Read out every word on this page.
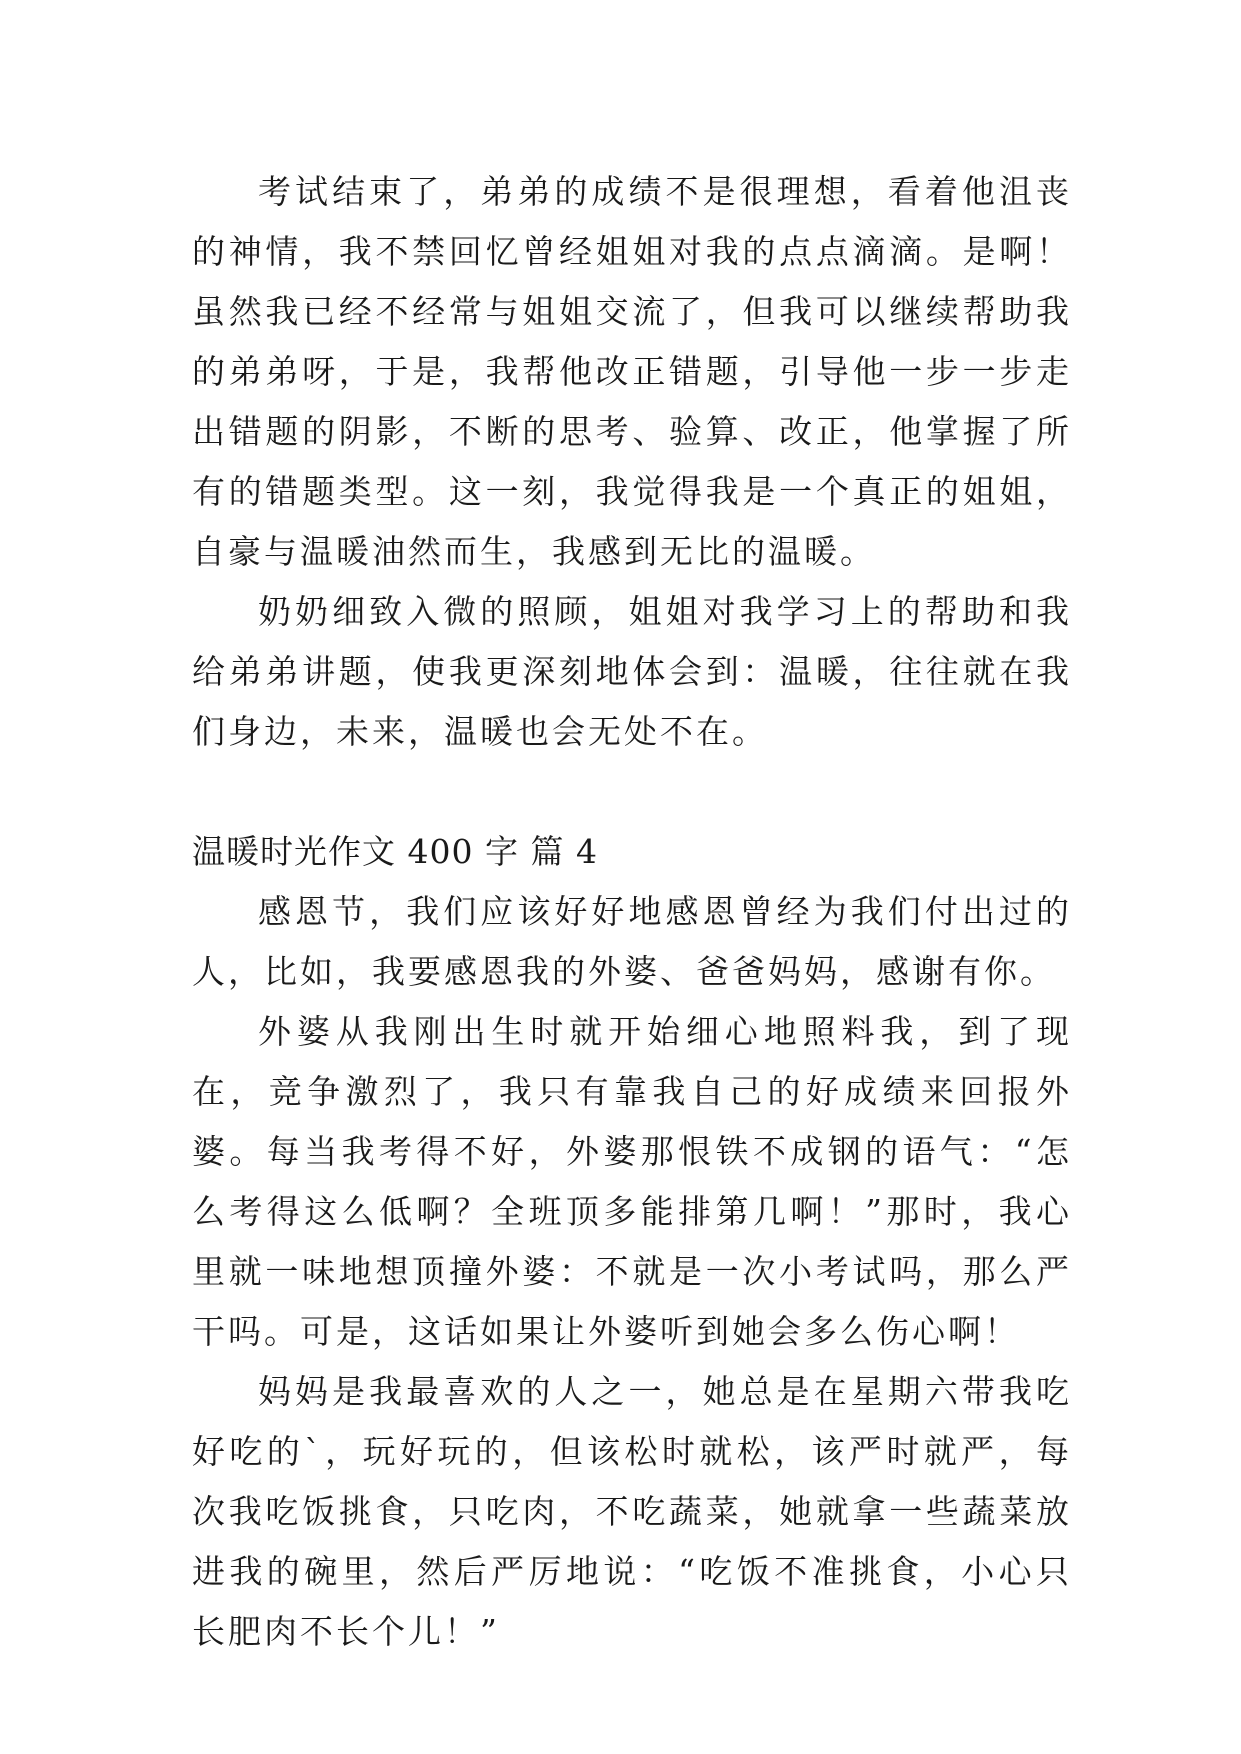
考试结束了，弟弟的成绩不是很理想，看着他沮丧的神情，我不禁回忆曾经姐姐对我的点点滴滴。是啊！虽然我已经不经常与姐姐交流了，但我可以继续帮助我的弟弟呀，于是，我帮他改正错题，引导他一步一步走出错题的阴影，不断的思考、验算、改正，他掌握了所有的错题类型。这一刻，我觉得我是一个真正的姐姐，自豪与温暖油然而生，我感到无比的温暖。

奶奶细致入微的照顾，姐姐对我学习上的帮助和我给弟弟讲题，使我更深刻地体会到：温暖，往往就在我们身边，未来，温暖也会无处不在。

温暖时光作文 400 字 篇 4

感恩节，我们应该好好地感恩曾经为我们付出过的人，比如，我要感恩我的外婆、爸爸妈妈，感谢有你。

外婆从我刚出生时就开始细心地照料我，到了现在，竞争激烈了，我只有靠我自己的好成绩来回报外婆。每当我考得不好，外婆那恨铁不成钢的语气：“怎么考得这么低啊？全班顶多能排第几啊！”那时，我心里就一味地想顶撞外婆：不就是一次小考试吗，那么严干吗。可是，这话如果让外婆听到她会多么伤心啊！

妈妈是我最喜欢的人之一，她总是在星期六带我吃好吃的`，玩好玩的，但该松时就松，该严时就严，每次我吃饭挑食，只吃肉，不吃蔬菜，她就拿一些蔬菜放进我的碗里，然后严厉地说：“吃饭不准挑食，小心只长肥肉不长个儿！”
